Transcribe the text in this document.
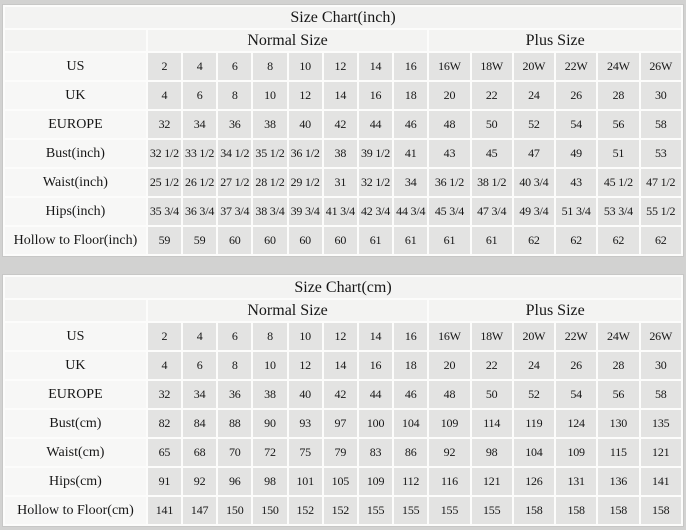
Size Chart(inch)														
	Normal Size								Plus Size					
US	2	4	6	8	10	12	14	16	16W	18W	20W	22W	24W	26W
UK	4	6	8	10	12	14	16	18	20	22	24	26	28	30
EUROPE	32	34	36	38	40	42	44	46	48	50	52	54	56	58
Bust(inch)	32 1/2	33 1/2	34 1/2	35 1/2	36 1/2	38	39 1/2	41	43	45	47	49	51	53
Waist(inch)	25 1/2	26 1/2	27 1/2	28 1/2	29 1/2	31	32 1/2	34	36 1/2	38 1/2	40 3/4	43	45 1/2	47 1/2
Hips(inch)	35 3/4	36 3/4	37 3/4	38 3/4	39 3/4	41 3/4	42 3/4	44 3/4	45 3/4	47 3/4	49 3/4	51 3/4	53 3/4	55 1/2
Hollow to Floor(inch)	59	59	60	60	60	60	61	61	61	61	62	62	62	62
Size Chart(cm)														
	Normal Size								Plus Size					
US	2	4	6	8	10	12	14	16	16W	18W	20W	22W	24W	26W
UK	4	6	8	10	12	14	16	18	20	22	24	26	28	30
EUROPE	32	34	36	38	40	42	44	46	48	50	52	54	56	58
Bust(cm)	82	84	88	90	93	97	100	104	109	114	119	124	130	135
Waist(cm)	65	68	70	72	75	79	83	86	92	98	104	109	115	121
Hips(cm)	91	92	96	98	101	105	109	112	116	121	126	131	136	141
Hollow to Floor(cm)	141	147	150	150	152	152	155	155	155	155	158	158	158	158
